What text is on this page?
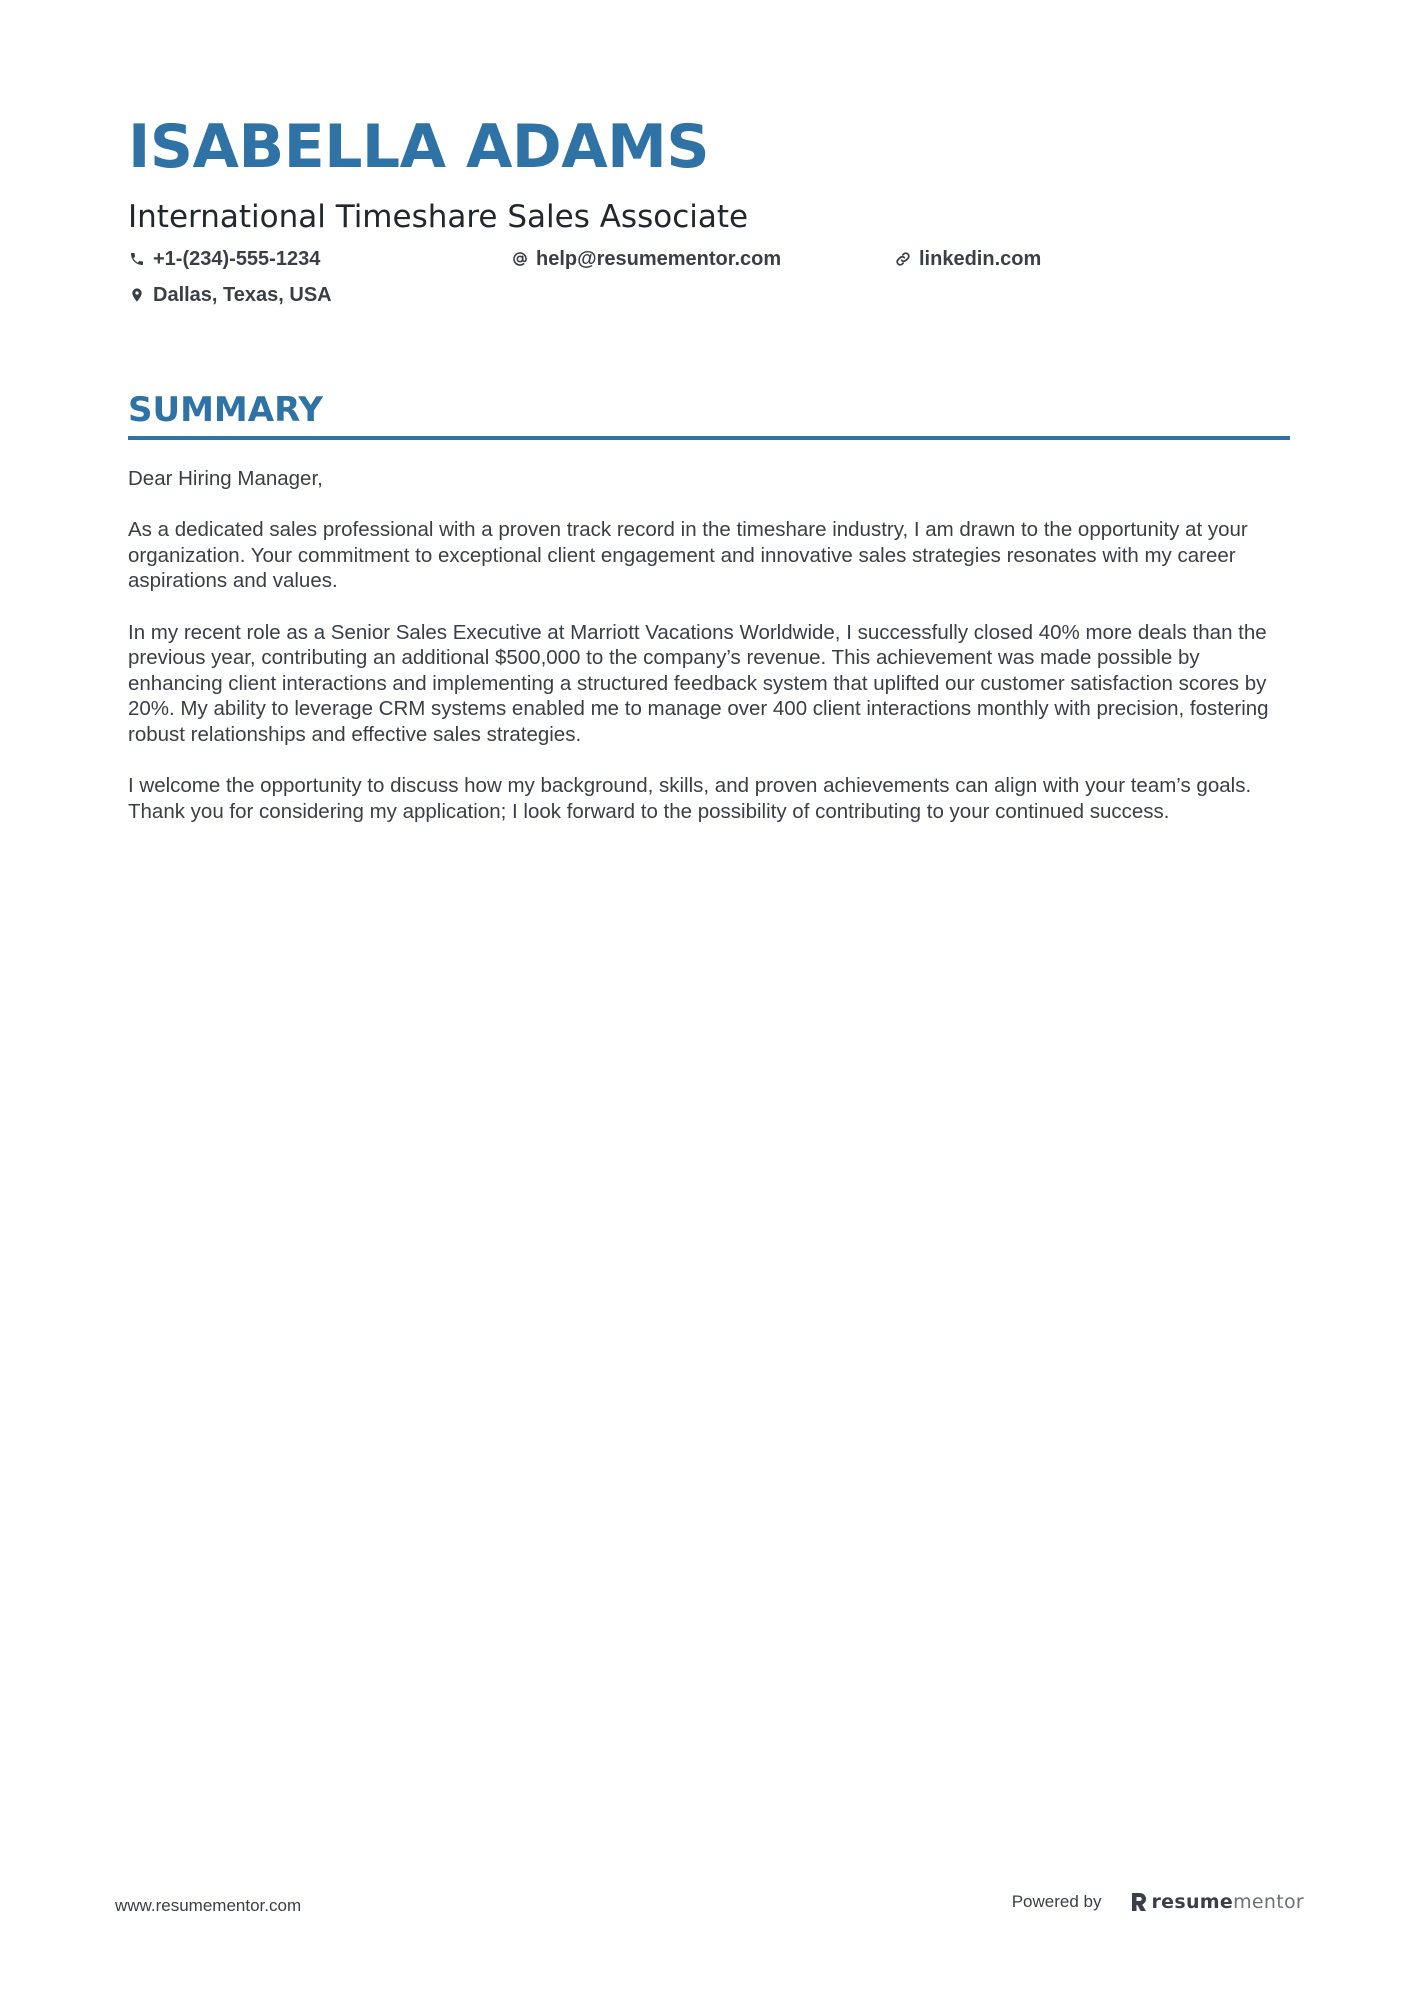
ISABELLA ADAMS
International Timeshare Sales Associate
+1-(234)-555-1234	help@resumementor.com	linkedin.com
Dallas, Texas, USA
SUMMARY

Dear Hiring Manager,

As a dedicated sales professional with a proven track record in the timeshare industry, I am drawn to the opportunity at your organization. Your commitment to exceptional client engagement and innovative sales strategies resonates with my career aspirations and values.

In my recent role as a Senior Sales Executive at Marriott Vacations Worldwide, I successfully closed 40% more deals than the previous year, contributing an additional $500,000 to the company’s revenue. This achievement was made possible by enhancing client interactions and implementing a structured feedback system that uplifted our customer satisfaction scores by 20%. My ability to leverage CRM systems enabled me to manage over 400 client interactions monthly with precision, fostering robust relationships and effective sales strategies.

I welcome the opportunity to discuss how my background, skills, and proven achievements can align with your team’s goals. Thank you for considering my application; I look forward to the possibility of contributing to your continued success.

www.resumementor.com	Powered by	resume mentor
